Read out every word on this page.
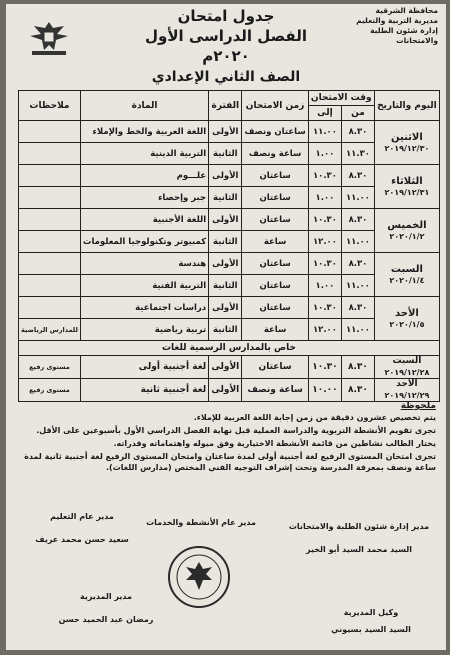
محافظة الشرقية
مديرية التربية والتعليم
إدارة شئون الطلبة والامتحانات
جدول امتحان
الفصل الدراسى الأول ٢٠٢٠م
الصف الثاني الإعدادي
اليوم والتاريخ	وقت الامتحان		زمن الامتحان	الفترة	المادة	ملاحظات
	من	إلى				

الاثنين
٢٠١٩/١٢/٣٠	٨.٣٠	١١.٠٠	ساعتان ونصف	الأولى	اللغة العربية والخط والإملاء	
	١١.٣٠	١.٠٠	ساعة ونصف	الثانية	التربية الدينية	

الثلاثاء
٢٠١٩/١٢/٣١	٨.٣٠	١٠.٣٠	ساعتان	الأولى	علـــوم	
	١١.٠٠	١.٠٠	ساعتان	الثانية	جبر وإحصاء	

الخميس
٢٠٢٠/١/٢	٨.٣٠	١٠.٣٠	ساعتان	الأولى	اللغة الأجنبية	
	١١.٠٠	١٢.٠٠	ساعة	الثانية	كمبيوتر وتكنولوجيا المعلومات	

السبت
٢٠٢٠/١/٤	٨.٣٠	١٠.٣٠	ساعتان	الأولى	هندسة	
	١١.٠٠	١.٠٠	ساعتان	الثانية	التربية الفنية	

الأحد
٢٠٢٠/١/٥	٨.٣٠	١٠.٣٠	ساعتان	الأولى	دراسات اجتماعية	
	١١.٠٠	١٢.٠٠	ساعة	الثانية	تربية رياضية	للمدارس الرياضية
خاص بالمدارس الرسمية للغات						

السبت
٢٠١٩/١٢/٢٨	٨.٣٠	١٠.٣٠	ساعتان	الأولى	لغة أجنبية أولى	مستوى رفيع

الأحد
٢٠١٩/١٢/٢٩	٨.٣٠	١٠.٠٠	ساعة ونصف	الأولى	لغة أجنبية ثانية	مستوى رفيع
ملحوظة

يتم تخصيص عشرون دقيقة من زمن إجابة اللغة العربية للإملاء.

تجرى تقويم الأنشطة التربوية والدراسة العملية قبل نهاية الفصل الدراسي الأول بأسبوعين على الأقل.

يختار الطالب نشاطين من قائمة الأنشطة الاختيارية وفق ميوله واهتماماته وقدراته.

تجرى امتحان المستوى الرفيع لغة أجنبية أولى لمدة ساعتان وامتحان المستوى الرفيع لغة أجنبية ثانية لمدة ساعة ونصف بمعرفة المدرسة وتحت إشراف التوجيه الفني المختص (مدارس اللغات).

مدير عام التعليم
سعيد حسن محمد عريف
مدير عام الأنشطة والخدمات	مدير إدارة شئون الطلبة والامتحانات
السيد محمد السيد أبو الخير
مدير المديرية
رمضان عبد الحميد حسن
وكيل المديرية
السيد السيد بسيوني
